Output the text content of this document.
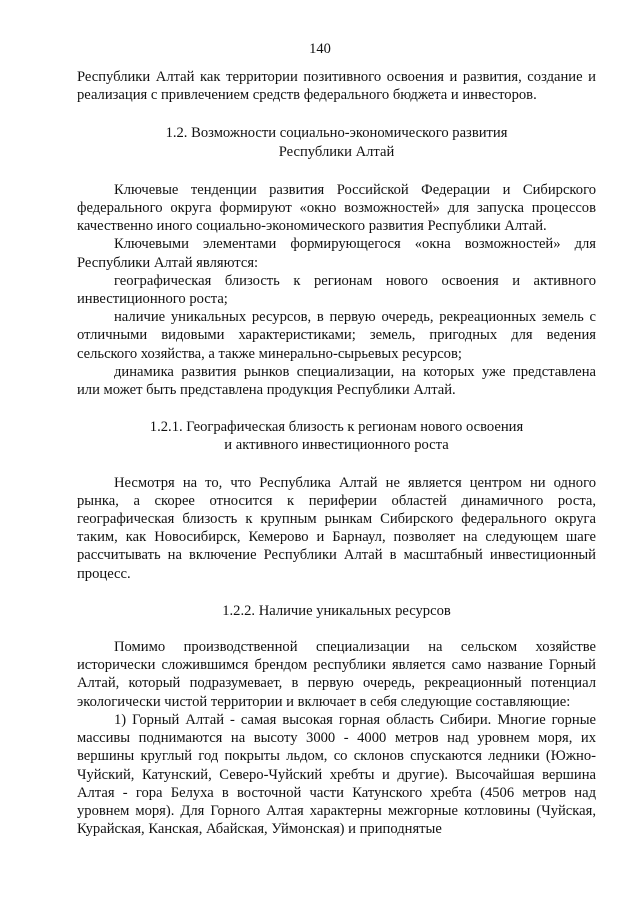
140

Республики Алтай как территории позитивного освоения и развития, создание и реализация с привлечением средств федерального бюджета и инвесторов.

1.2. Возможности социально-экономического развития
Республики Алтай

Ключевые тенденции развития Российской Федерации и Сибирского федерального округа формируют «окно возможностей» для запуска процессов качественно иного социально-экономического развития Республики Алтай.

Ключевыми элементами формирующегося «окна возможностей» для Республики Алтай являются:

географическая близость к регионам нового освоения и активного инвестиционного роста;

наличие уникальных ресурсов, в первую очередь, рекреационных земель с отличными видовыми характеристиками; земель, пригодных для ведения сельского хозяйства, а также минерально-сырьевых ресурсов;

динамика развития рынков специализации, на которых уже представлена или может быть представлена продукция Республики Алтай.

1.2.1. Географическая близость к регионам нового освоения
и активного инвестиционного роста

Несмотря на то, что Республика Алтай не является центром ни одного рынка, а скорее относится к периферии областей динамичного роста, географическая близость к крупным рынкам Сибирского федерального округа таким, как Новосибирск, Кемерово и Барнаул, позволяет на следующем шаге рассчитывать на включение Республики Алтай в масштабный инвестиционный процесс.

1.2.2. Наличие уникальных ресурсов

Помимо производственной специализации на сельском хозяйстве исторически сложившимся брендом республики является само название Горный Алтай, который подразумевает, в первую очередь, рекреационный потенциал экологически чистой территории и включает в себя следующие составляющие:

1) Горный Алтай - самая высокая горная область Сибири. Многие горные массивы поднимаются на высоту 3000 - 4000 метров над уровнем моря, их вершины круглый год покрыты льдом, со склонов спускаются ледники (Южно-Чуйский, Катунский, Северо-Чуйский хребты и другие). Высочайшая вершина Алтая - гора Белуха в восточной части Катунского хребта (4506 метров над уровнем моря). Для Горного Алтая характерны межгорные котловины (Чуйская, Курайская, Канская, Абайская, Уймонская) и приподнятые
